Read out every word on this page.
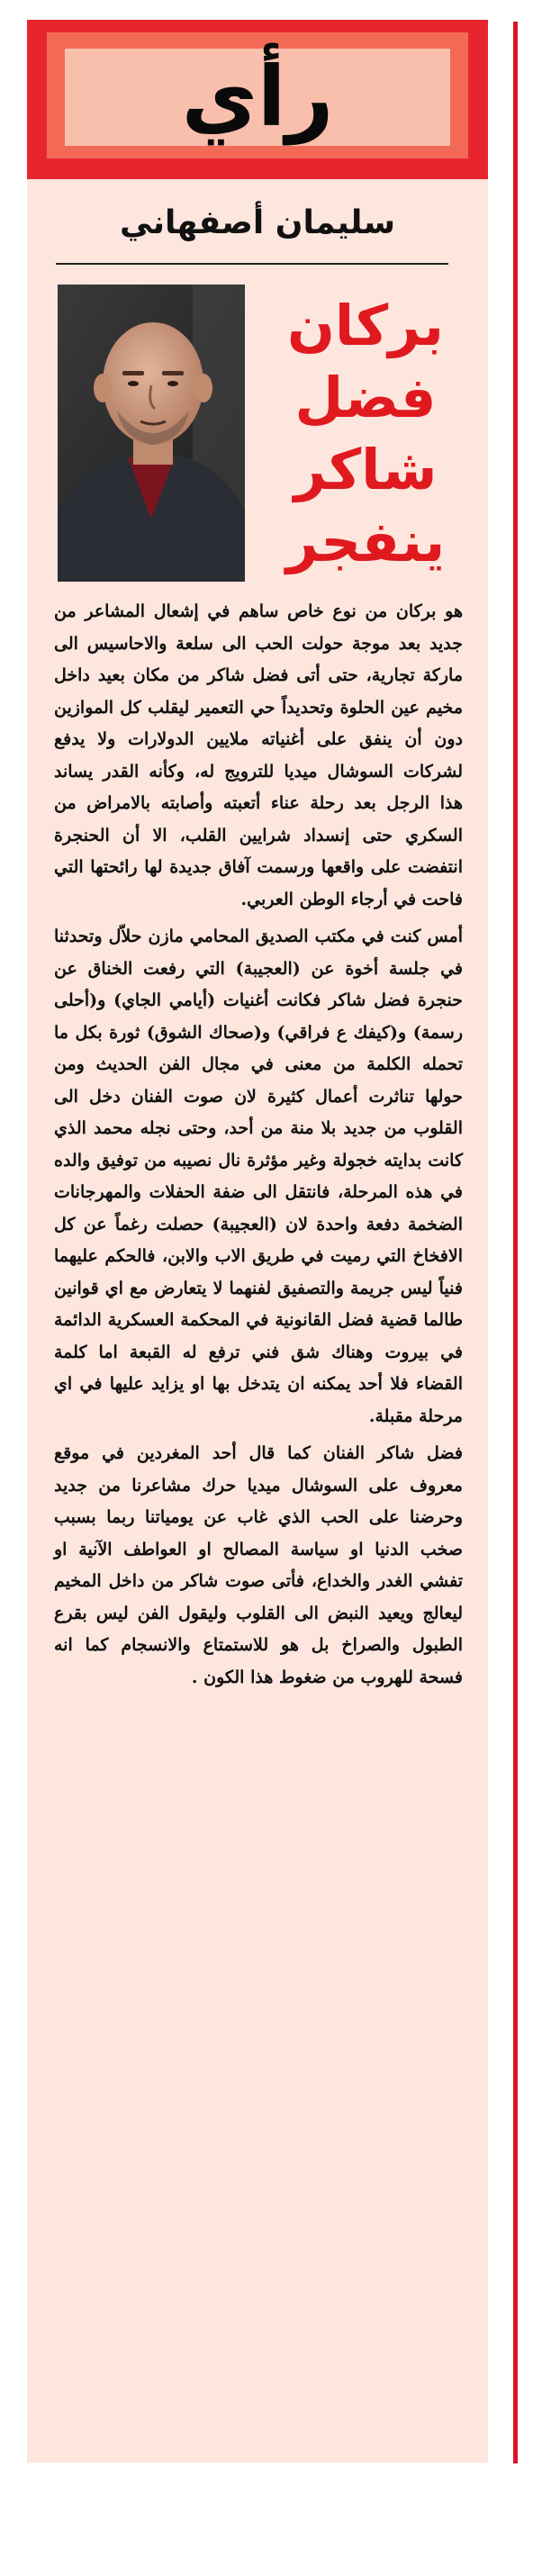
رأي
سليمان أصفهاني
بركان
فضل
شاكر
ينفجر

هو بركان من نوع خاص ساهم في إشعال المشاعر من جديد بعد موجة حولت الحب الى سلعة والاحاسيس الى ماركة تجارية، حتى أتى فضل شاكر من مكان بعيد داخل مخيم عين الحلوة وتحديداً حي التعمير ليقلب كل الموازين دون أن ينفق على أغنياته ملايين الدولارات ولا يدفع لشركات السوشال ميديا للترويج له، وكأنه القدر يساند هذا الرجل بعد رحلة عناء أتعبته وأصابته بالامراض من السكري حتى إنسداد شرايين القلب، الا أن الحنجرة انتفضت على واقعها ورسمت آفاق جديدة لها رائحتها التي فاحت في أرجاء الوطن العربي.

أمس كنت في مكتب الصديق المحامي مازن حلاّل وتحدثنا في جلسة أخوة عن (العجيبة) التي رفعت الخناق عن حنجرة فضل شاكر فكانت أغنيات (أيامي الجاي) و(أحلى رسمة) و(كيفك ع فراقي) و(صحاك الشوق) ثورة بكل ما تحمله الكلمة من معنى في مجال الفن الحديث ومن حولها تناثرت أعمال كثيرة لان صوت الفنان دخل الى القلوب من جديد بلا منة من أحد، وحتى نجله محمد الذي كانت بدايته خجولة وغير مؤثرة نال نصيبه من توفيق والده في هذه المرحلة، فانتقل الى ضفة الحفلات والمهرجانات الضخمة دفعة واحدة لان (العجيبة) حصلت رغماً عن كل الافخاخ التي رميت في طريق الاب والابن، فالحكم عليهما فنياً ليس جريمة والتصفيق لفنهما لا يتعارض مع اي قوانين طالما قضية فضل القانونية في المحكمة العسكرية الدائمة في بيروت وهناك شق فني ترفع له القبعة اما كلمة القضاء فلا أحد يمكنه ان يتدخل بها او يزايد عليها في اي مرحلة مقبلة.

فضل شاكر الفنان كما قال أحد المغردين في موقع معروف على السوشال ميديا حرك مشاعرنا من جديد وحرضنا على الحب الذي غاب عن يومياتنا ربما بسبب صخب الدنيا او سياسة المصالح او العواطف الآنية او تفشي الغدر والخداع، فأتى صوت شاكر من داخل المخيم ليعالج ويعيد النبض الى القلوب وليقول الفن ليس بقرع الطبول والصراخ بل هو للاستمتاع والانسجام كما انه فسحة للهروب من ضغوط هذا الكون .
